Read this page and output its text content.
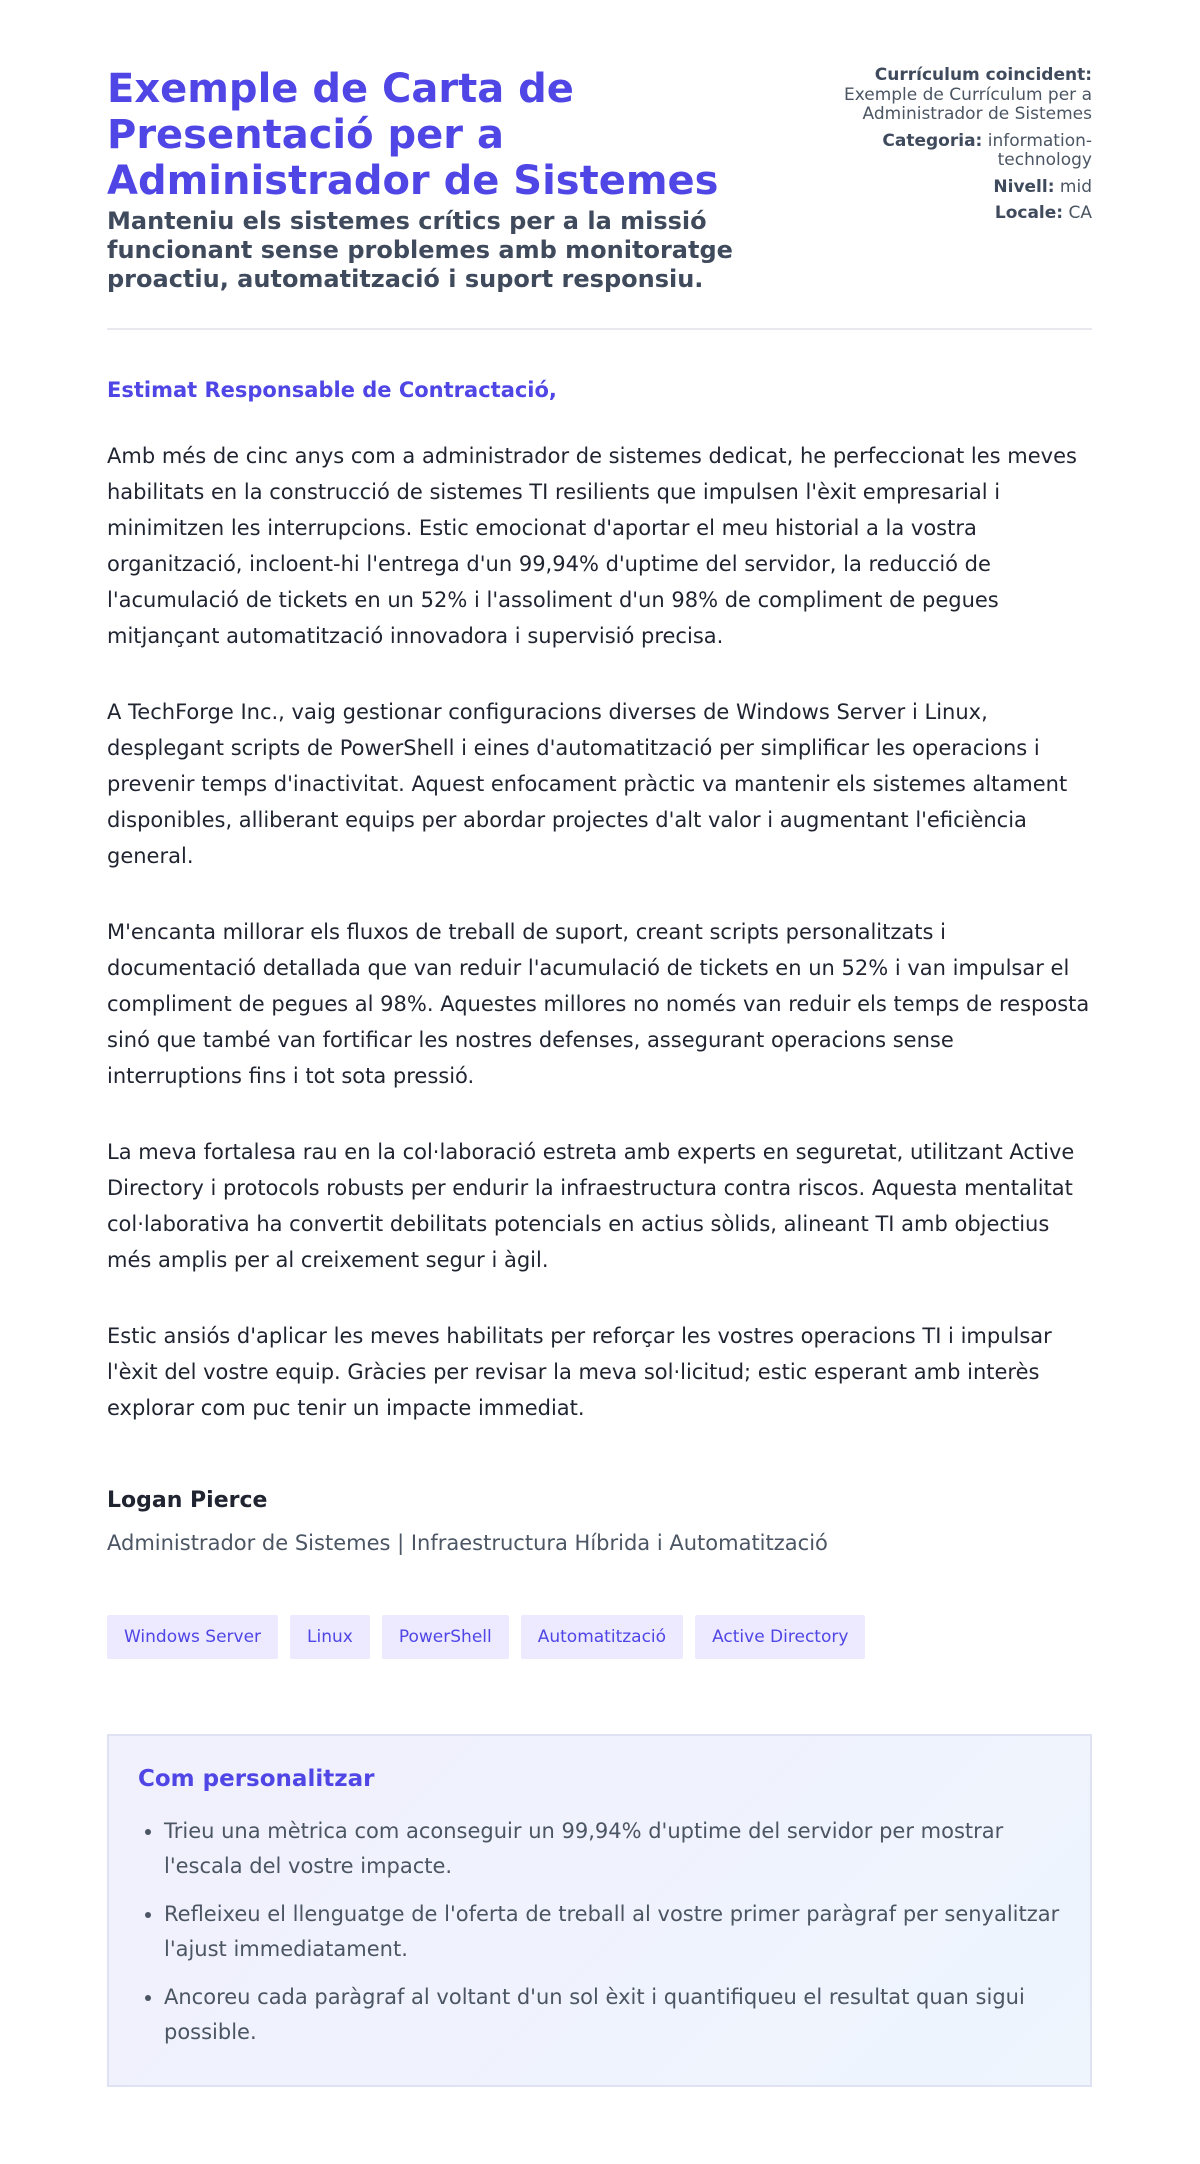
Exemple de Carta de Presentació per a Administrador de Sistemes
Manteniu els sistemes crítics per a la missió funcionant sense problemes amb monitoratge proactiu, automatització i suport responsiu.
Currículum coincident:
Exemple de Currículum per a Administrador de Sistemes
Categoria: information-technology
Nivell: mid
Locale: CA
Estimat Responsable de Contractació,

Amb més de cinc anys com a administrador de sistemes dedicat, he perfeccionat les meves habilitats en la construcció de sistemes TI resilients que impulsen l'èxit empresarial i minimitzen les interrupcions. Estic emocionat d'aportar el meu historial a la vostra organització, incloent-hi l'entrega d'un 99,94% d'uptime del servidor, la reducció de l'acumulació de tickets en un 52% i l'assoliment d'un 98% de compliment de pegues mitjançant automatització innovadora i supervisió precisa.

A TechForge Inc., vaig gestionar configuracions diverses de Windows Server i Linux, desplegant scripts de PowerShell i eines d'automatització per simplificar les operacions i prevenir temps d'inactivitat. Aquest enfocament pràctic va mantenir els sistemes altament disponibles, alliberant equips per abordar projectes d'alt valor i augmentant l'eficiència general.

M'encanta millorar els fluxos de treball de suport, creant scripts personalitzats i documentació detallada que van reduir l'acumulació de tickets en un 52% i van impulsar el compliment de pegues al 98%. Aquestes millores no només van reduir els temps de resposta sinó que també van fortificar les nostres defenses, assegurant operacions sense interruptions fins i tot sota pressió.

La meva fortalesa rau en la col·laboració estreta amb experts en seguretat, utilitzant Active Directory i protocols robusts per endurir la infraestructura contra riscos. Aquesta mentalitat col·laborativa ha convertit debilitats potencials en actius sòlids, alineant TI amb objectius més amplis per al creixement segur i àgil.

Estic ansiós d'aplicar les meves habilitats per reforçar les vostres operacions TI i impulsar l'èxit del vostre equip. Gràcies per revisar la meva sol·licitud; estic esperant amb interès explorar com puc tenir un impacte immediat.

Logan Pierce
Administrador de Sistemes | Infraestructura Híbrida i Automatització
Windows Server	Linux	PowerShell	Automatització	Active Directory
Com personalitzar
• Trieu una mètrica com aconseguir un 99,94% d'uptime del servidor per mostrar l'escala del vostre impacte.
• Refleixeu el llenguatge de l'oferta de treball al vostre primer paràgraf per senyalitzar l'ajust immediatament.
• Ancoreu cada paràgraf al voltant d'un sol èxit i quantifiqueu el resultat quan sigui possible.
